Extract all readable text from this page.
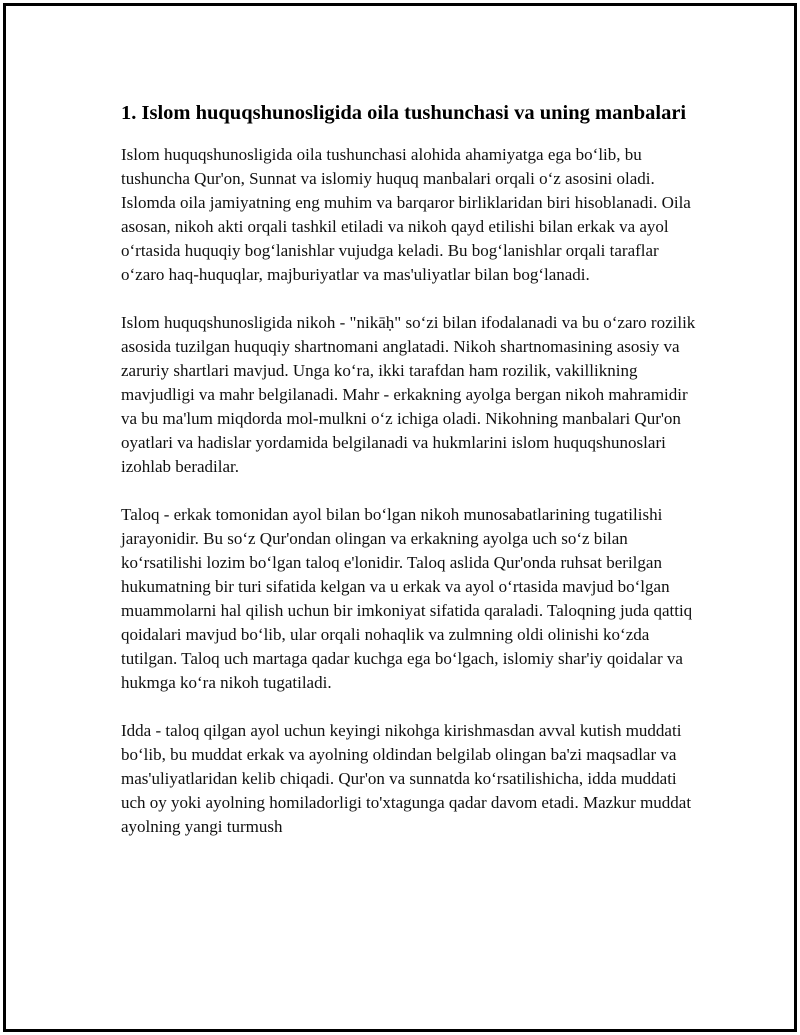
1. Islom huquqshunosligida oila tushunchasi va uning manbalari

Islom huquqshunosligida oila tushunchasi alohida ahamiyatga ega bo‘lib, bu tushuncha Qur'on, Sunnat va islomiy huquq manbalari orqali o‘z asosini oladi. Islomda oila jamiyatning eng muhim va barqaror birliklaridan biri hisoblanadi. Oila asosan, nikoh akti orqali tashkil etiladi va nikoh qayd etilishi bilan erkak va ayol o‘rtasida huquqiy bog‘lanishlar vujudga keladi. Bu bog‘lanishlar orqali taraflar o‘zaro haq-huquqlar, majburiyatlar va mas'uliyatlar bilan bog‘lanadi.

Islom huquqshunosligida nikoh - "nikāḥ" so‘zi bilan ifodalanadi va bu o‘zaro rozilik asosida tuzilgan huquqiy shartnomani anglatadi. Nikoh shartnomasining asosiy va zaruriy shartlari mavjud. Unga ko‘ra, ikki tarafdan ham rozilik, vakillikning mavjudligi va mahr belgilanadi. Mahr - erkakning ayolga bergan nikoh mahramidir va bu ma'lum miqdorda mol-mulkni o‘z ichiga oladi. Nikohning manbalari Qur'on oyatlari va hadislar yordamida belgilanadi va hukmlarini islom huquqshunoslari izohlab beradilar.

Taloq - erkak tomonidan ayol bilan bo‘lgan nikoh munosabatlarining tugatilishi jarayonidir. Bu so‘z Qur'ondan olingan va erkakning ayolga uch so‘z bilan ko‘rsatilishi lozim bo‘lgan taloq e'lonidir. Taloq aslida Qur'onda ruhsat berilgan hukumatning bir turi sifatida kelgan va u erkak va ayol o‘rtasida mavjud bo‘lgan muammolarni hal qilish uchun bir imkoniyat sifatida qaraladi. Taloqning juda qattiq qoidalari mavjud bo‘lib, ular orqali nohaqlik va zulmning oldi olinishi ko‘zda tutilgan. Taloq uch martaga qadar kuchga ega bo‘lgach, islomiy shar'iy qoidalar va hukmga ko‘ra nikoh tugatiladi.

Idda - taloq qilgan ayol uchun keyingi nikohga kirishmasdan avval kutish muddati bo‘lib, bu muddat erkak va ayolning oldindan belgilab olingan ba'zi maqsadlar va mas'uliyatlaridan kelib chiqadi. Qur'on va sunnatda ko‘rsatilishicha, idda muddati uch oy yoki ayolning homiladorligi to'xtagunga qadar davom etadi. Mazkur muddat ayolning yangi turmush
